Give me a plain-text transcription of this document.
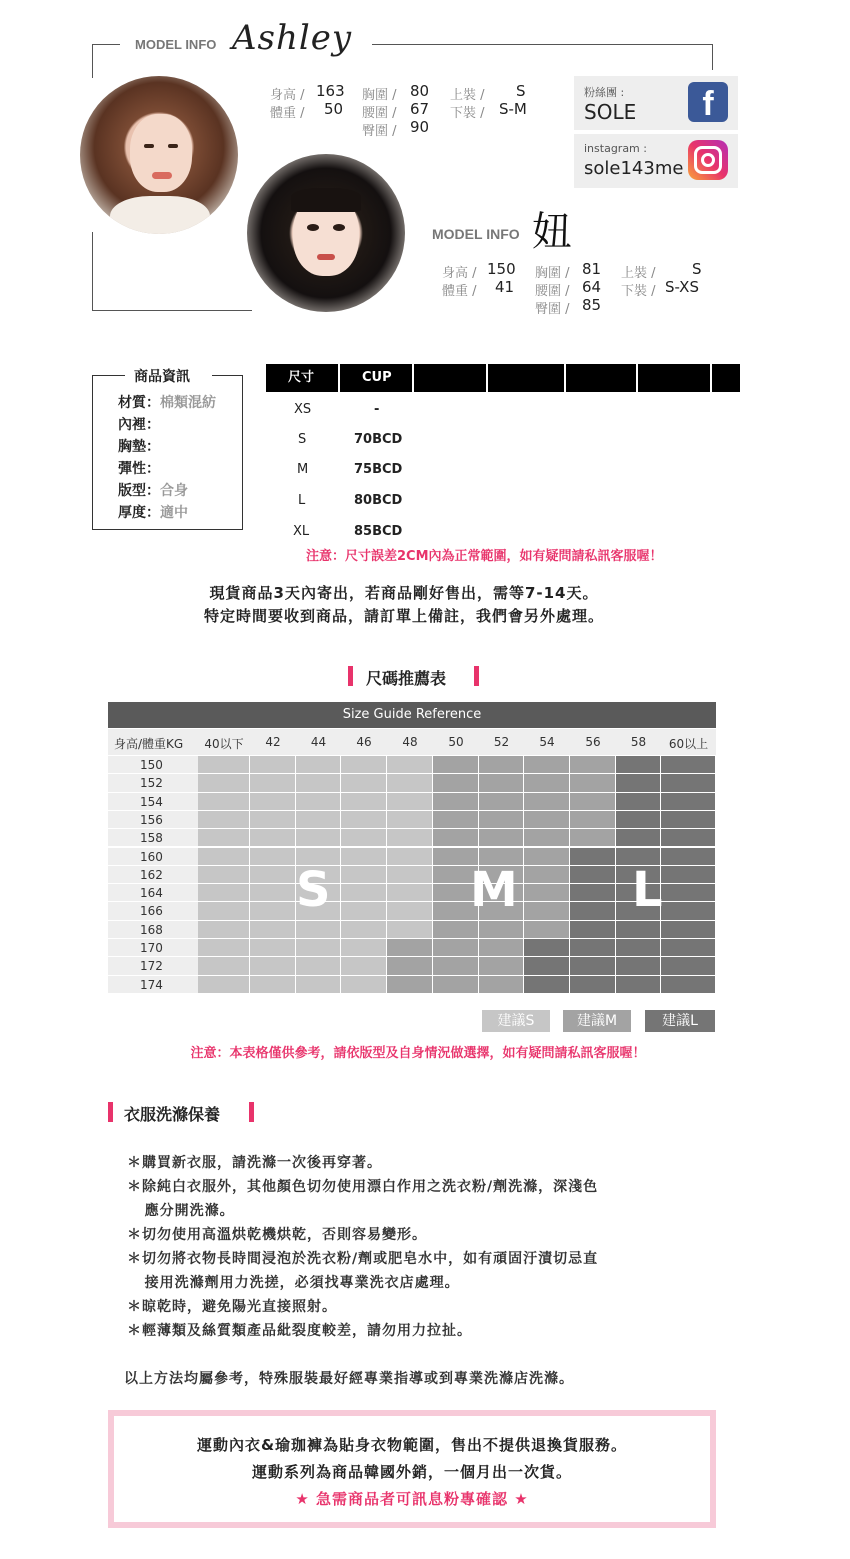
MODEL INFO Ashley
身高 / 163
體重 / 50
胸圍 / 80
腰圍 / 67
臀圍 / 90
上裝 / S
下裝 / S-M
粉絲團 :
SOLE	f
instagram :
sole143me
MODEL INFO 妞
身高 / 150
體重 / 41
胸圍 / 81
腰圍 / 64
臀圍 / 85
上裝 / S
下裝 / S-XS
商品資訊
材質：棉類混紡
內裡：
胸墊：
彈性：
版型：合身
厚度：適中
尺寸	CUP
XS	-
S	70BCD
M	75BCD
L	80BCD
XL	85BCD
注意：尺寸誤差2CM內為正常範圍，如有疑問請私訊客服喔！
現貨商品3天內寄出，若商品剛好售出，需等7-14天。
特定時間要收到商品，請訂單上備註，我們會另外處理。
尺碼推薦表
Size Guide Reference
身高/體重KG	40以下	42	44	46	48	50	52	54	56	58	60以上
150
152
154
156
158
160
162
164
166
168
170
172
174
S	M L
建議S	建議M	建議L
注意：本表格僅供參考，請依版型及自身情況做選擇，如有疑問請私訊客服喔！
衣服洗滌保養
＊購買新衣服，請洗滌一次後再穿著。
＊除純白衣服外，其他顏色切勿使用漂白作用之洗衣粉/劑洗滌，深淺色
應分開洗滌。
＊切勿使用高溫烘乾機烘乾，否則容易變形。
＊切勿將衣物長時間浸泡於洗衣粉/劑或肥皂水中，如有頑固汙漬切忌直
接用洗滌劑用力洗搓，必須找專業洗衣店處理。
＊晾乾時，避免陽光直接照射。
＊輕薄類及絲質類產品紕裂度較差，請勿用力拉扯。
以上方法均屬參考，特殊服裝最好經專業指導或到專業洗滌店洗滌。
運動內衣&瑜珈褲為貼身衣物範圍，售出不提供退換貨服務。
運動系列為商品韓國外銷，一個月出一次貨。
★ 急需商品者可訊息粉專確認 ★
